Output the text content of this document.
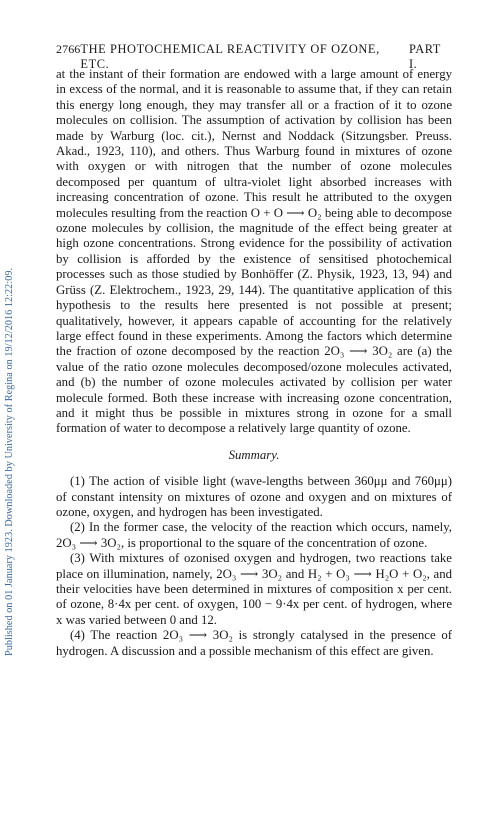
Published on 01 January 1923. Downloaded by University of Regina on 19/12/2016 12:22:09.
2766 THE PHOTOCHEMICAL REACTIVITY OF OZONE, ETC.
PART I.

at the instant of their formation are endowed with a large amount of energy in excess of the normal, and it is reasonable to assume that, if they can retain this energy long enough, they may transfer all or a fraction of it to ozone molecules on collision. The assumption of activation by collision has been made by Warburg (loc. cit.), Nernst and Noddack (Sitzungsber. Preuss. Akad., 1923, 110), and others. Thus Warburg found in mixtures of ozone with oxygen or with nitrogen that the number of ozone molecules decomposed per quantum of ultra-violet light absorbed increases with increasing concentration of ozone. This result he attributed to the oxygen molecules resulting from the reaction O + O ⟶ O₂ being able to decompose ozone molecules by collision, the magnitude of the effect being greater at high ozone concentrations. Strong evidence for the possibility of activation by collision is afforded by the existence of sensitised photochemical processes such as those studied by Bonhöffer (Z. Physik, 1923, 13, 94) and Grüss (Z. Elektrochem., 1923, 29, 144). The quantitative application of this hypothesis to the results here presented is not possible at present; qualitatively, however, it appears capable of accounting for the relatively large effect found in these experiments. Among the factors which determine the fraction of ozone decomposed by the reaction 2O₃ ⟶ 3O₂ are (a) the value of the ratio ozone molecules decomposed/ozone molecules activated, and (b) the number of ozone molecules activated by collision per water molecule formed. Both these increase with increasing ozone concentration, and it might thus be possible in mixtures strong in ozone for a small formation of water to decompose a relatively large quantity of ozone.

Summary.

(1) The action of visible light (wave-lengths between 360μμ and 760μμ) of constant intensity on mixtures of ozone and oxygen and on mixtures of ozone, oxygen, and hydrogen has been investigated.

(2) In the former case, the velocity of the reaction which occurs, namely, 2O₃ ⟶ 3O₂, is proportional to the square of the concentration of ozone.

(3) With mixtures of ozonised oxygen and hydrogen, two reactions take place on illumination, namely, 2O₃ ⟶ 3O₂ and H₂ + O₃ ⟶ H₂O + O₂, and their velocities have been determined in mixtures of composition x per cent. of ozone, 8·4x per cent. of oxygen, 100 − 9·4x per cent. of hydrogen, where x was varied between 0 and 12.

(4) The reaction 2O₃ ⟶ 3O₂ is strongly catalysed in the presence of hydrogen. A discussion and a possible mechanism of this effect are given.
